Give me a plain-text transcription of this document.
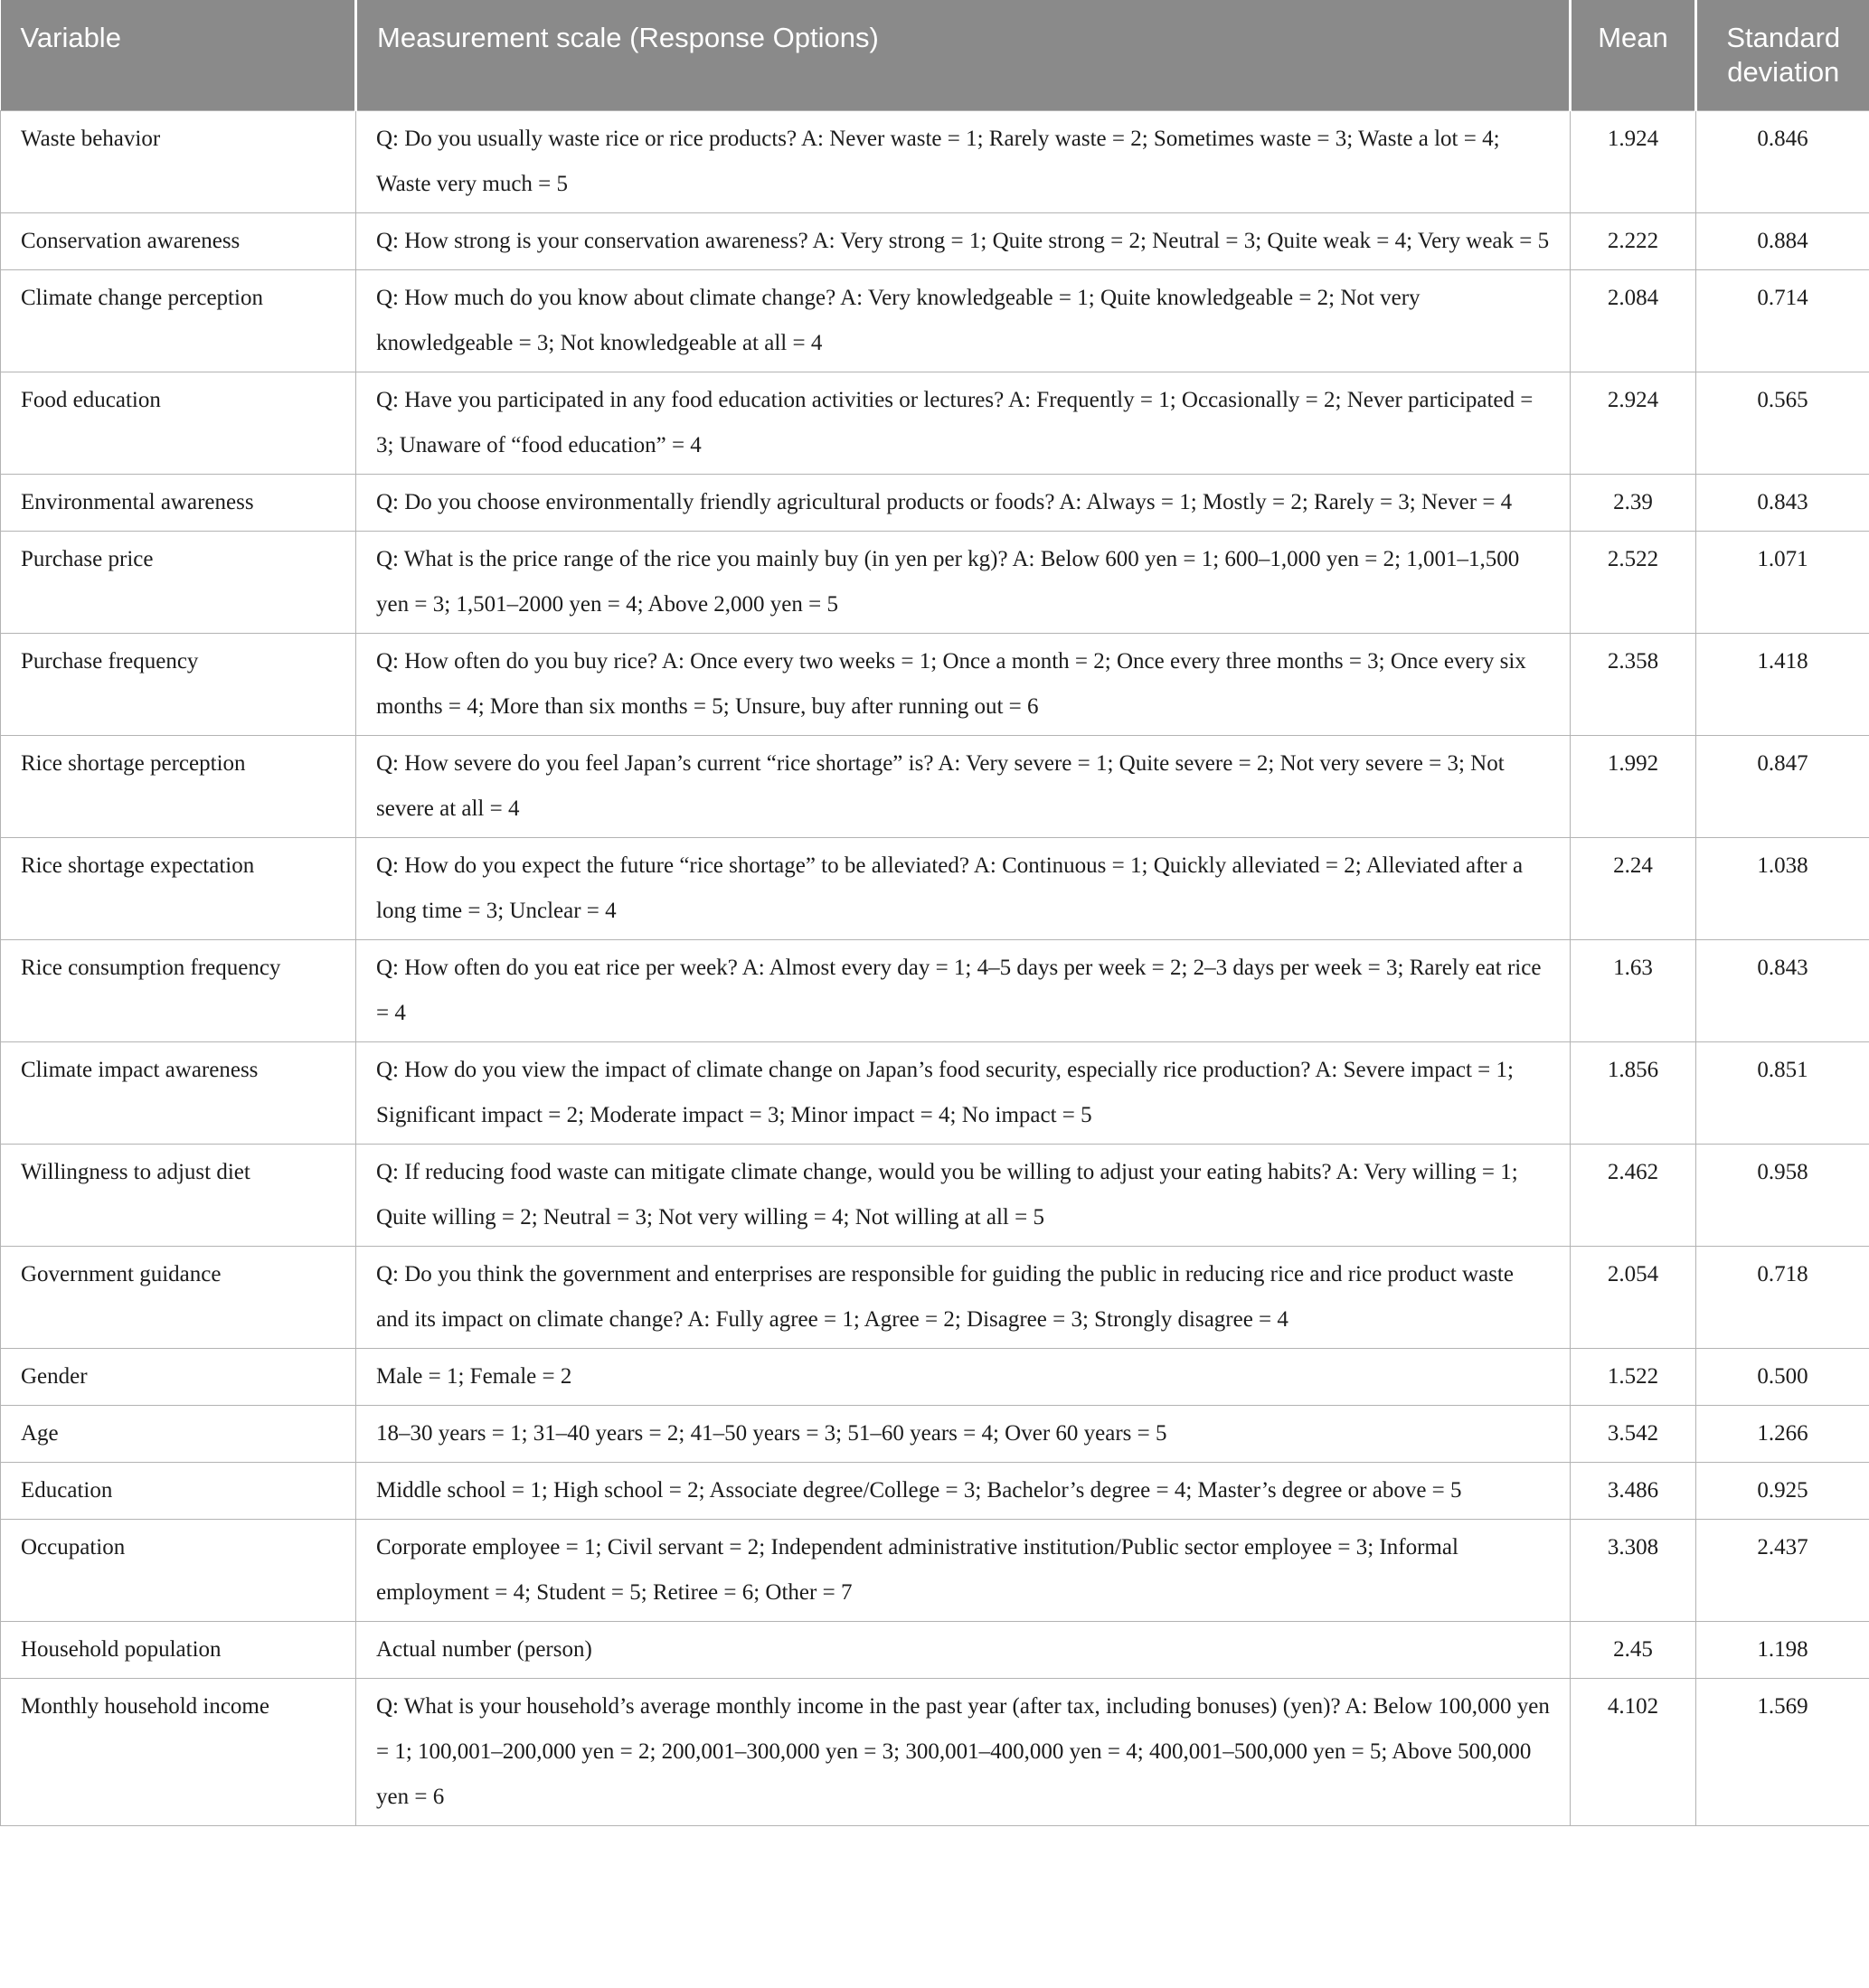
Variable	Measurement scale (Response Options)	Mean	Standard deviation
Waste behavior	Q: Do you usually waste rice or rice products? A: Never waste = 1; Rarely waste = 2; Sometimes waste = 3; Waste a lot = 4; Waste very much = 5	1.924	0.846
Conservation awareness	Q: How strong is your conservation awareness? A: Very strong = 1; Quite strong = 2; Neutral = 3; Quite weak = 4; Very weak = 5	2.222	0.884
Climate change perception	Q: How much do you know about climate change? A: Very knowledgeable = 1; Quite knowledgeable = 2; Not very knowledgeable = 3; Not knowledgeable at all = 4	2.084	0.714
Food education	Q: Have you participated in any food education activities or lectures? A: Frequently = 1; Occasionally = 2; Never participated = 3; Unaware of “food education” = 4	2.924	0.565
Environmental awareness	Q: Do you choose environmentally friendly agricultural products or foods? A: Always = 1; Mostly = 2; Rarely = 3; Never = 4	2.39	0.843
Purchase price	Q: What is the price range of the rice you mainly buy (in yen per kg)? A: Below 600 yen = 1; 600–1,000 yen = 2; 1,001–1,500 yen = 3; 1,501–2000 yen = 4; Above 2,000 yen = 5	2.522	1.071
Purchase frequency	Q: How often do you buy rice? A: Once every two weeks = 1; Once a month = 2; Once every three months = 3; Once every six months = 4; More than six months = 5; Unsure, buy after running out = 6	2.358	1.418
Rice shortage perception	Q: How severe do you feel Japan’s current “rice shortage” is? A: Very severe = 1; Quite severe = 2; Not very severe = 3; Not severe at all = 4	1.992	0.847
Rice shortage expectation	Q: How do you expect the future “rice shortage” to be alleviated? A: Continuous = 1; Quickly alleviated = 2; Alleviated after a long time = 3; Unclear = 4	2.24	1.038
Rice consumption frequency	Q: How often do you eat rice per week? A: Almost every day = 1; 4–5 days per week = 2; 2–3 days per week = 3; Rarely eat rice = 4	1.63	0.843
Climate impact awareness	Q: How do you view the impact of climate change on Japan’s food security, especially rice production? A: Severe impact = 1; Significant impact = 2; Moderate impact = 3; Minor impact = 4; No impact = 5	1.856	0.851
Willingness to adjust diet	Q: If reducing food waste can mitigate climate change, would you be willing to adjust your eating habits? A: Very willing = 1; Quite willing = 2; Neutral = 3; Not very willing = 4; Not willing at all = 5	2.462	0.958
Government guidance	Q: Do you think the government and enterprises are responsible for guiding the public in reducing rice and rice product waste and its impact on climate change? A: Fully agree = 1; Agree = 2; Disagree = 3; Strongly disagree = 4	2.054	0.718
Gender	Male = 1; Female = 2	1.522	0.500
Age	18–30 years = 1; 31–40 years = 2; 41–50 years = 3; 51–60 years = 4; Over 60 years = 5	3.542	1.266
Education	Middle school = 1; High school = 2; Associate degree/College = 3; Bachelor’s degree = 4; Master’s degree or above = 5	3.486	0.925
Occupation	Corporate employee = 1; Civil servant = 2; Independent administrative institution/Public sector employee = 3; Informal employment = 4; Student = 5; Retiree = 6; Other = 7	3.308	2.437
Household population	Actual number (person)	2.45	1.198
Monthly household income	Q: What is your household’s average monthly income in the past year (after tax, including bonuses) (yen)? A: Below 100,000 yen = 1; 100,001–200,000 yen = 2; 200,001–300,000 yen = 3; 300,001–400,000 yen = 4; 400,001–500,000 yen = 5; Above 500,000 yen = 6	4.102	1.569
